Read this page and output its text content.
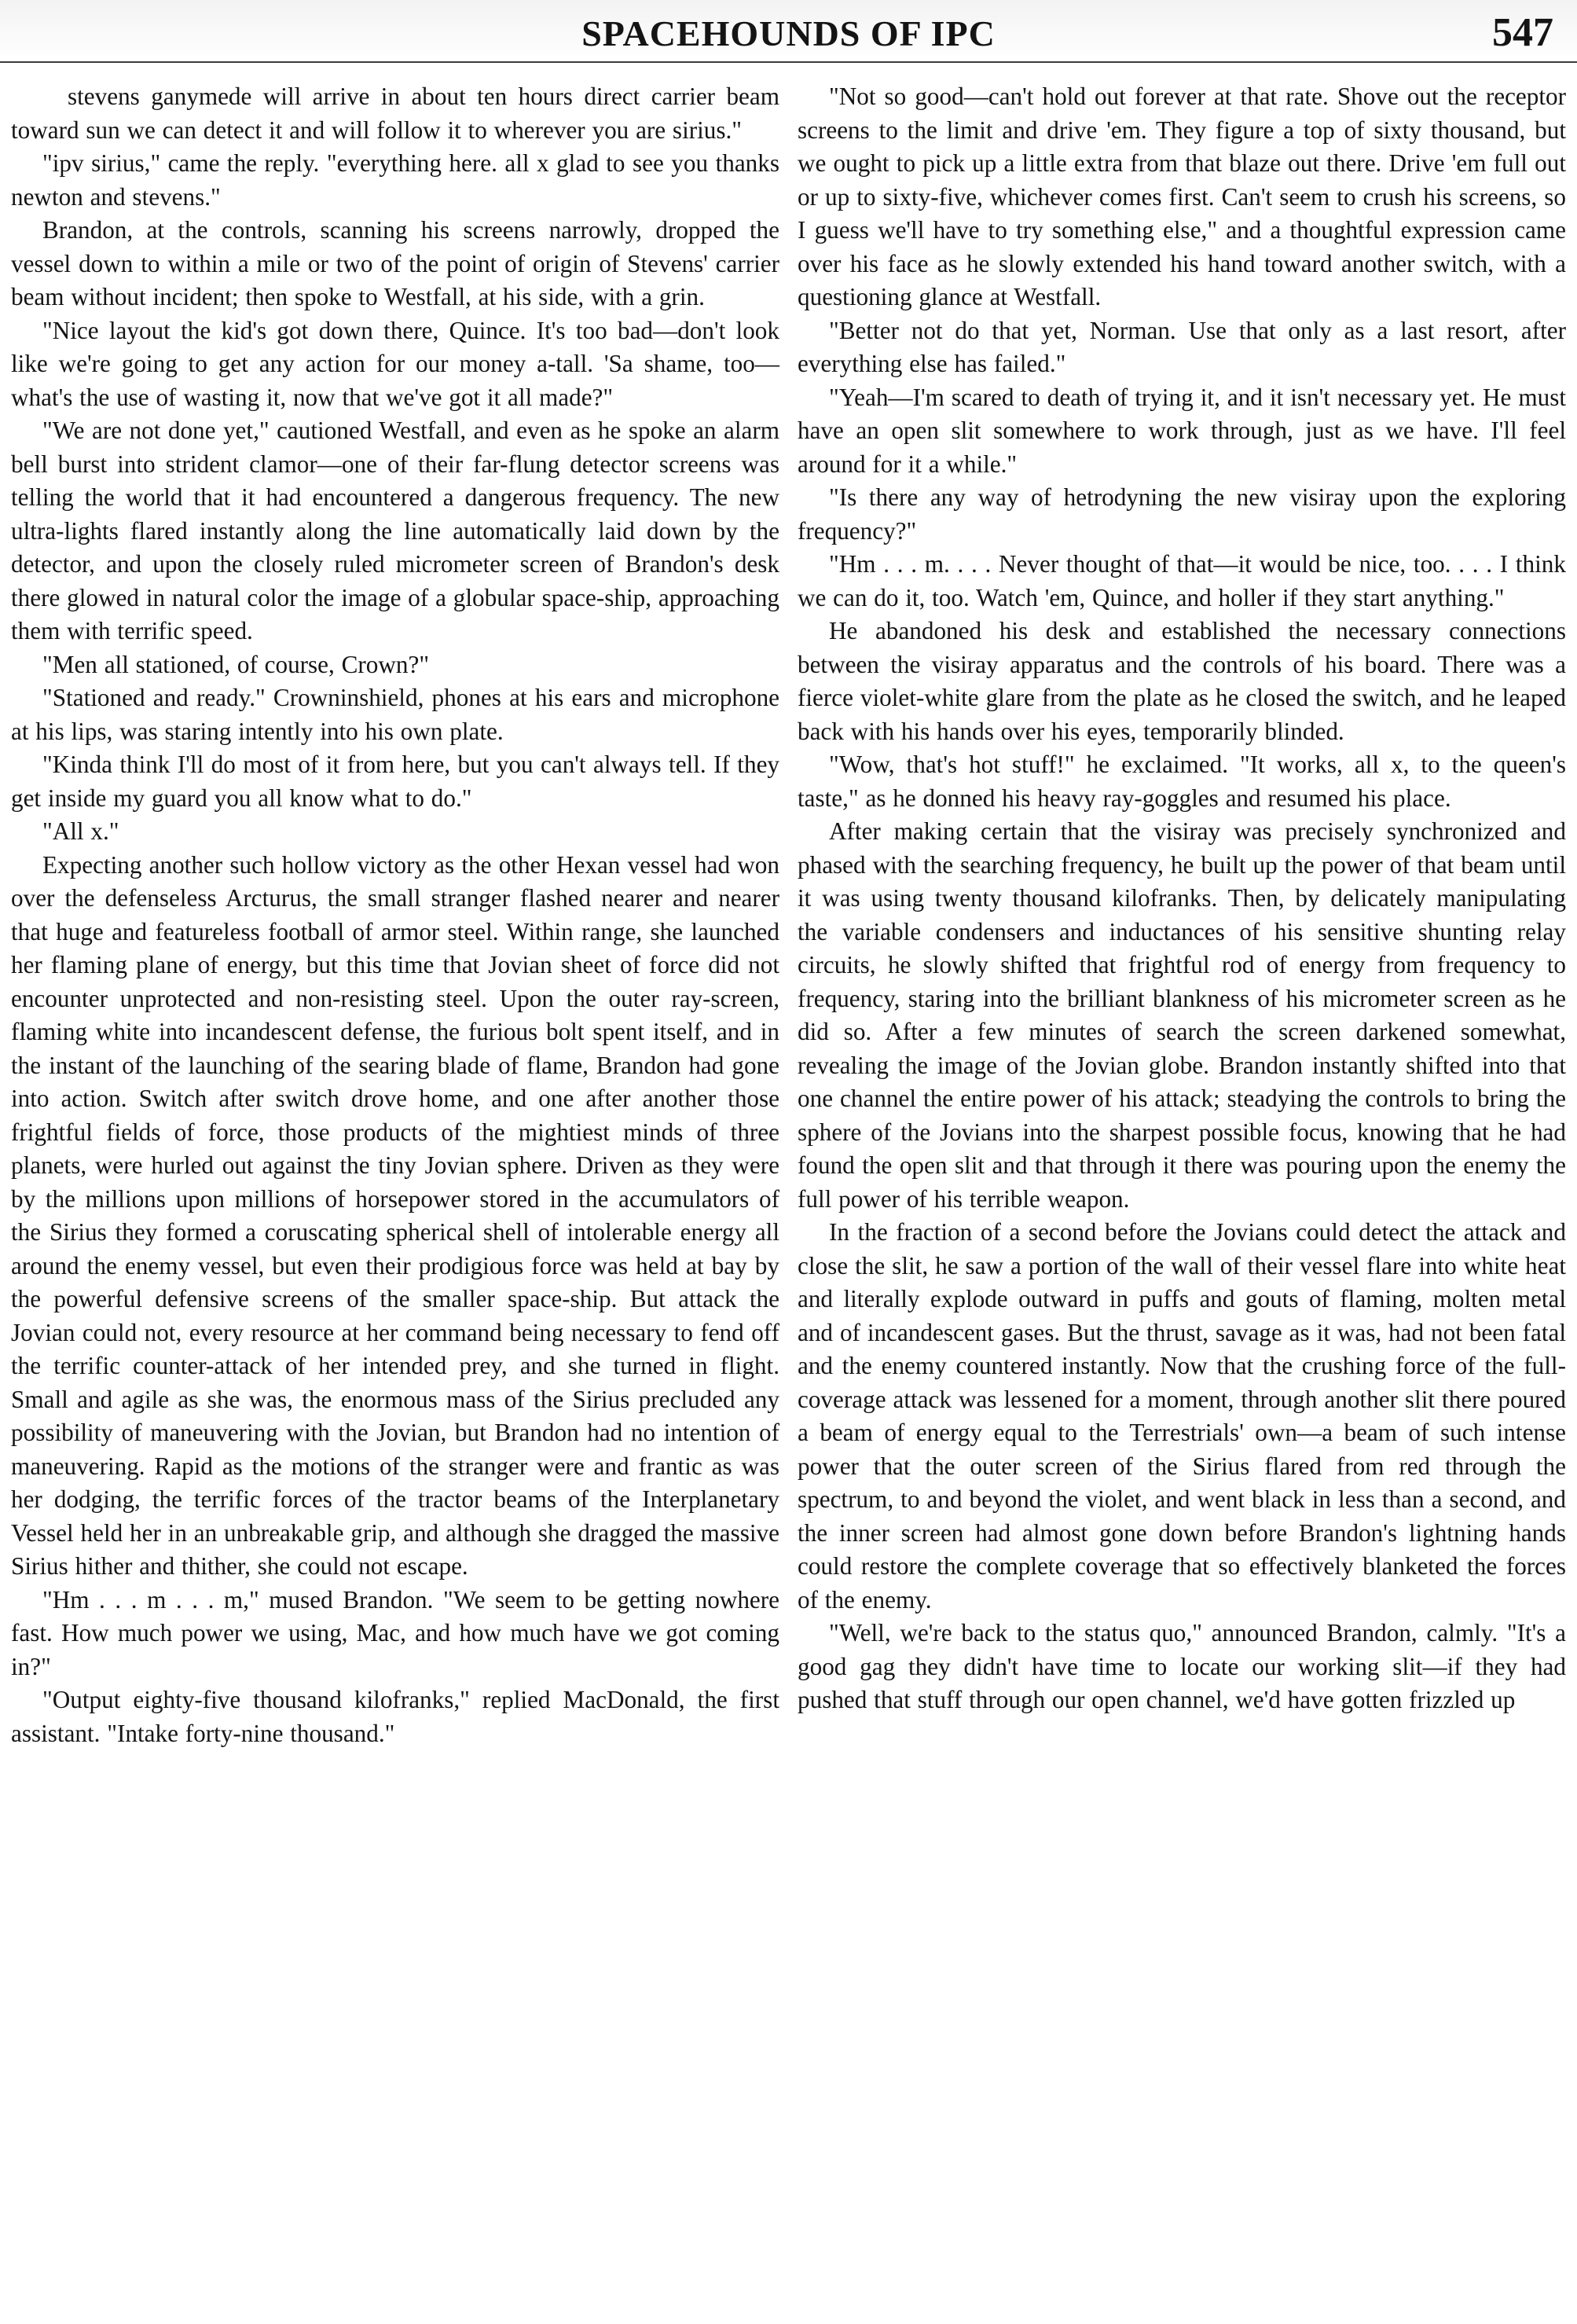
SPACEHOUNDS OF IPC	547

stevens ganymede will arrive in about ten hours direct carrier beam toward sun we can detect it and will follow it to wherever you are sirius."

"ipv sirius," came the reply. "everything here. all x glad to see you thanks newton and stevens."

Brandon, at the controls, scanning his screens narrowly, dropped the vessel down to within a mile or two of the point of origin of Stevens' carrier beam without incident; then spoke to Westfall, at his side, with a grin.

"Nice layout the kid's got down there, Quince. It's too bad—don't look like we're going to get any action for our money a-tall. 'Sa shame, too—what's the use of wasting it, now that we've got it all made?"

"We are not done yet," cautioned Westfall, and even as he spoke an alarm bell burst into strident clamor—one of their far-flung detector screens was telling the world that it had encountered a dangerous frequency. The new ultra-lights flared instantly along the line automatically laid down by the detector, and upon the closely ruled micrometer screen of Brandon's desk there glowed in natural color the image of a globular space-ship, approaching them with terrific speed.

"Men all stationed, of course, Crown?"

"Stationed and ready." Crowninshield, phones at his ears and microphone at his lips, was staring intently into his own plate.

"Kinda think I'll do most of it from here, but you can't always tell. If they get inside my guard you all know what to do."

"All x."

Expecting another such hollow victory as the other Hexan vessel had won over the defenseless Arcturus, the small stranger flashed nearer and nearer that huge and featureless football of armor steel. Within range, she launched her flaming plane of energy, but this time that Jovian sheet of force did not encounter unprotected and non-resisting steel. Upon the outer ray-screen, flaming white into incandescent defense, the furious bolt spent itself, and in the instant of the launching of the searing blade of flame, Brandon had gone into action. Switch after switch drove home, and one after another those frightful fields of force, those products of the mightiest minds of three planets, were hurled out against the tiny Jovian sphere. Driven as they were by the millions upon millions of horsepower stored in the accumulators of the Sirius they formed a coruscating spherical shell of intolerable energy all around the enemy vessel, but even their prodigious force was held at bay by the powerful defensive screens of the smaller space-ship. But attack the Jovian could not, every resource at her command being necessary to fend off the terrific counter-attack of her intended prey, and she turned in flight. Small and agile as she was, the enormous mass of the Sirius precluded any possibility of maneuvering with the Jovian, but Brandon had no intention of maneuvering. Rapid as the motions of the stranger were and frantic as was her dodging, the terrific forces of the tractor beams of the Interplanetary Vessel held her in an unbreakable grip, and although she dragged the massive Sirius hither and thither, she could not escape.

"Hm . . . m . . . m," mused Brandon. "We seem to be getting nowhere fast. How much power we using, Mac, and how much have we got coming in?"

"Output eighty-five thousand kilofranks," replied MacDonald, the first assistant. "Intake forty-nine thousand."

"Not so good—can't hold out forever at that rate. Shove out the receptor screens to the limit and drive 'em. They figure a top of sixty thousand, but we ought to pick up a little extra from that blaze out there. Drive 'em full out or up to sixty-five, whichever comes first. Can't seem to crush his screens, so I guess we'll have to try something else," and a thoughtful expression came over his face as he slowly extended his hand toward another switch, with a questioning glance at Westfall.

"Better not do that yet, Norman. Use that only as a last resort, after everything else has failed."

"Yeah—I'm scared to death of trying it, and it isn't necessary yet. He must have an open slit somewhere to work through, just as we have. I'll feel around for it a while."

"Is there any way of hetrodyning the new visiray upon the exploring frequency?"

"Hm . . . m. . . . Never thought of that—it would be nice, too. . . . I think we can do it, too. Watch 'em, Quince, and holler if they start anything."

He abandoned his desk and established the necessary connections between the visiray apparatus and the controls of his board. There was a fierce violet-white glare from the plate as he closed the switch, and he leaped back with his hands over his eyes, temporarily blinded.

"Wow, that's hot stuff!" he exclaimed. "It works, all x, to the queen's taste," as he donned his heavy ray-goggles and resumed his place.

After making certain that the visiray was precisely synchronized and phased with the searching frequency, he built up the power of that beam until it was using twenty thousand kilofranks. Then, by delicately manipulating the variable condensers and inductances of his sensitive shunting relay circuits, he slowly shifted that frightful rod of energy from frequency to frequency, staring into the brilliant blankness of his micrometer screen as he did so. After a few minutes of search the screen darkened somewhat, revealing the image of the Jovian globe. Brandon instantly shifted into that one channel the entire power of his attack; steadying the controls to bring the sphere of the Jovians into the sharpest possible focus, knowing that he had found the open slit and that through it there was pouring upon the enemy the full power of his terrible weapon.

In the fraction of a second before the Jovians could detect the attack and close the slit, he saw a portion of the wall of their vessel flare into white heat and literally explode outward in puffs and gouts of flaming, molten metal and of incandescent gases. But the thrust, savage as it was, had not been fatal and the enemy countered instantly. Now that the crushing force of the full-coverage attack was lessened for a moment, through another slit there poured a beam of energy equal to the Terrestrials' own—a beam of such intense power that the outer screen of the Sirius flared from red through the spectrum, to and beyond the violet, and went black in less than a second, and the inner screen had almost gone down before Brandon's lightning hands could restore the complete coverage that so effectively blanketed the forces of the enemy.

"Well, we're back to the status quo," announced Brandon, calmly. "It's a good gag they didn't have time to locate our working slit—if they had pushed that stuff through our open channel, we'd have gotten frizzled up
